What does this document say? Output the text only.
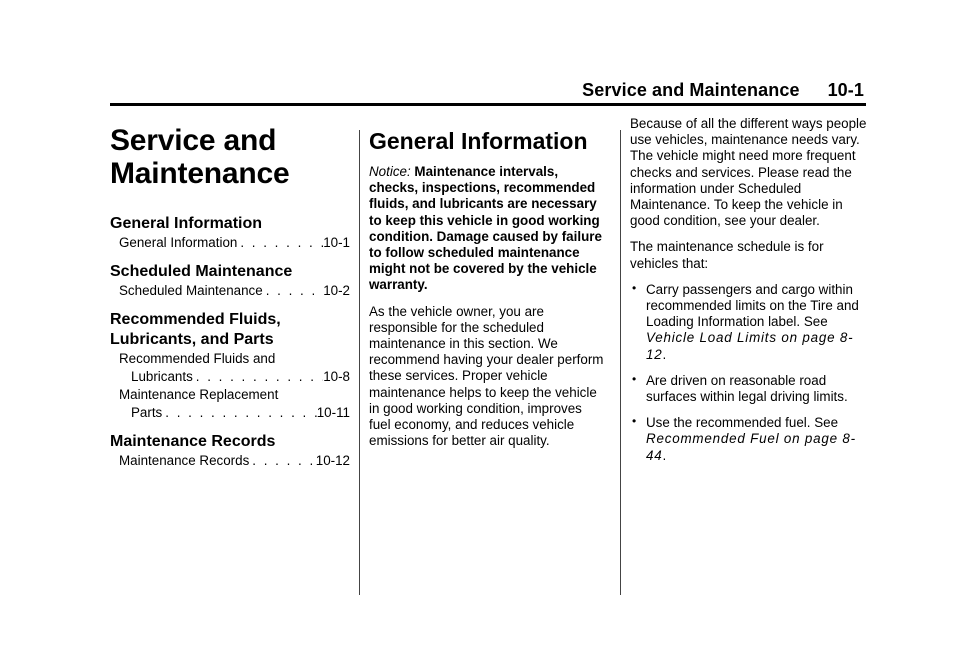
Service and Maintenance 10-1
Service and
Maintenance
General Information
General Information . . .	10-1
Scheduled Maintenance
Scheduled Maintenance . . .	10-2
Recommended Fluids,
Lubricants, and Parts
Recommended Fluids and
Lubricants . . .	10-8
Maintenance Replacement
Parts . . .	10-11
Maintenance Records
Maintenance Records . . .	10-12
General Information

Notice: Maintenance intervals, checks, inspections, recommended fluids, and lubricants are necessary to keep this vehicle in good working condition. Damage caused by failure to follow scheduled maintenance might not be covered by the vehicle warranty.

As the vehicle owner, you are responsible for the scheduled maintenance in this section. We recommend having your dealer perform these services. Proper vehicle maintenance helps to keep the vehicle in good working condition, improves fuel economy, and reduces vehicle emissions for better air quality.

Because of all the different ways people use vehicles, maintenance needs vary. The vehicle might need more frequent checks and services. Please read the information under Scheduled Maintenance. To keep the vehicle in good condition, see your dealer.

The maintenance schedule is for vehicles that:

• Carry passengers and cargo within recommended limits on the Tire and Loading Information label. See Vehicle Load Limits on page 8-12.
• Are driven on reasonable road surfaces within legal driving limits.
• Use the recommended fuel. See Recommended Fuel on page 8-44.
